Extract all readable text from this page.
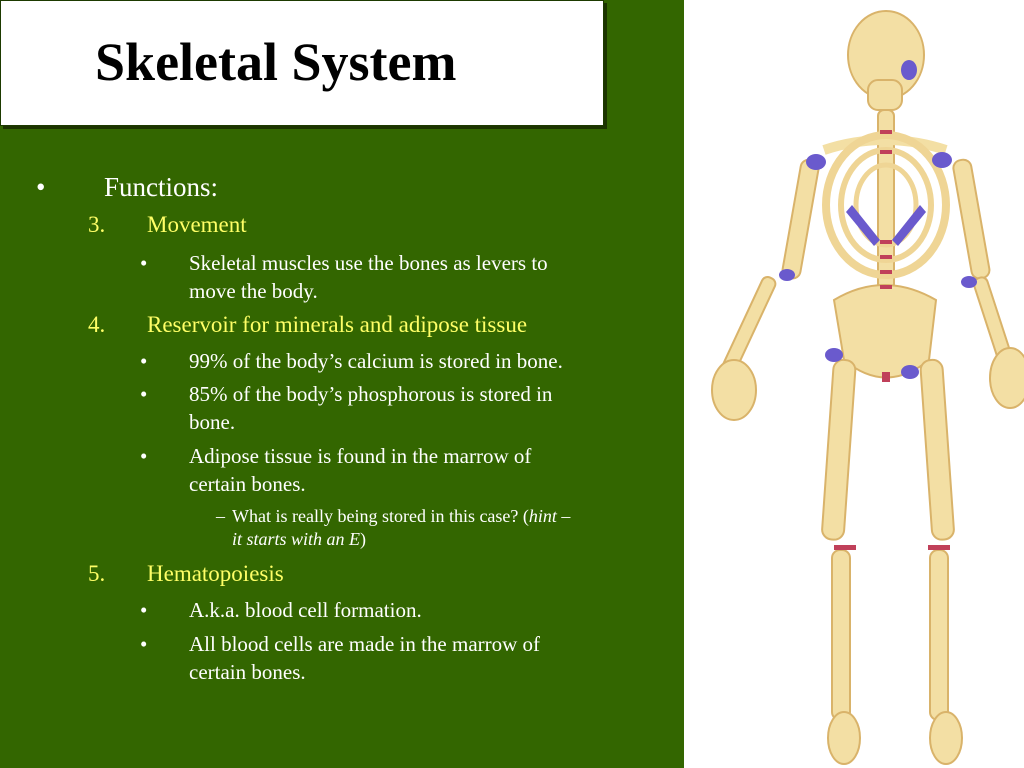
Skeletal System
• Functions:
3. Movement
• Skeletal muscles use the bones as levers to
move the body.
4. Reservoir for minerals and adipose tissue
• 99% of the body’s calcium is stored in bone.
• 85% of the body’s phosphorous is stored in
bone.
• Adipose tissue is found in the marrow of
certain bones.
– What is really being stored in this case? (hint –
it starts with an E)
5. Hematopoiesis
• A.k.a. blood cell formation.
• All blood cells are made in the marrow of
certain bones.
